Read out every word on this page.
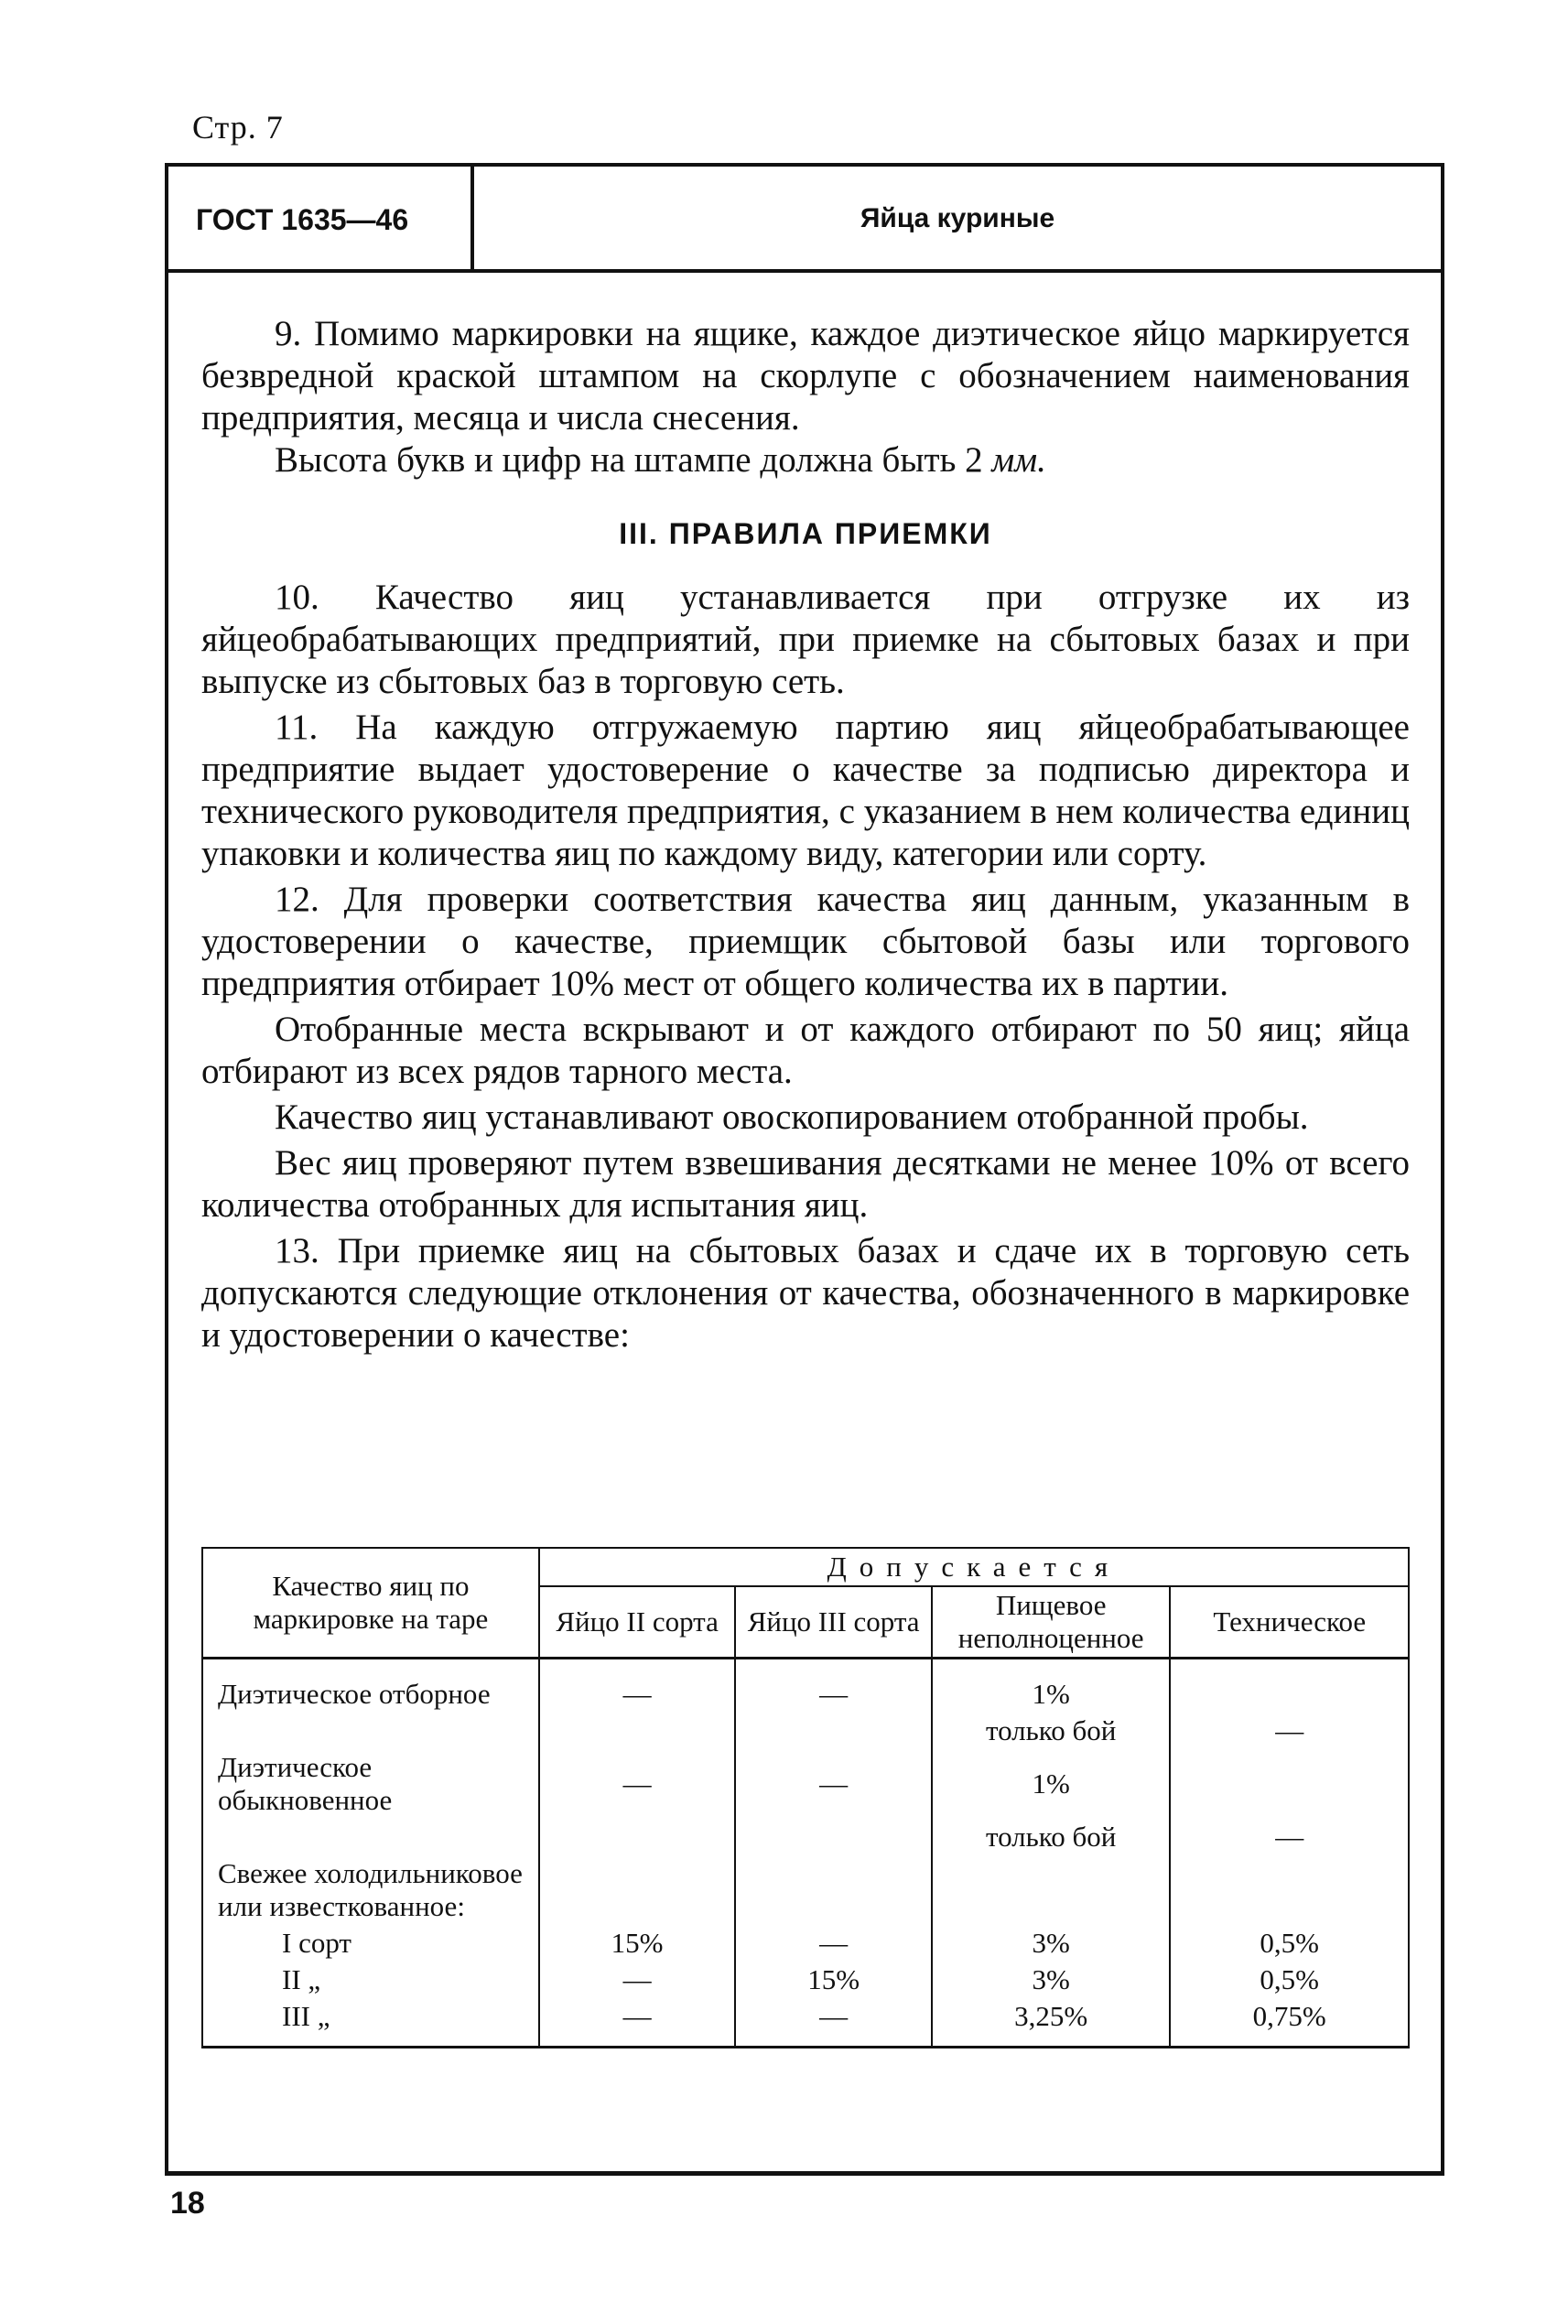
Стр. 7
ГОСТ 1635—46	Яйца куриные

9. Помимо маркировки на ящике, каждое диэтическое яйцо маркируется безвредной краской штампом на скорлупе с обозначением наименования предприятия, месяца и числа снесения.

Высота букв и цифр на штампе должна быть 2 мм.

III. ПРАВИЛА ПРИЕМКИ

10. Качество яиц устанавливается при отгрузке их из яйцеобрабатывающих предприятий, при приемке на сбытовых базах и при выпуске из сбытовых баз в торговую сеть.

11. На каждую отгружаемую партию яиц яйцеобрабатывающее предприятие выдает удостоверение о качестве за подписью директора и технического руководителя предприятия, с указанием в нем количества единиц упаковки и количества яиц по каждому виду, категории или сорту.

12. Для проверки соответствия качества яиц данным, указанным в удостоверении о качестве, приемщик сбытовой базы или торгового предприятия отбирает 10% мест от общего количества их в партии.

Отобранные места вскрывают и от каждого отбирают по 50 яиц; яйца отбирают из всех рядов тарного места.

Качество яиц устанавливают овоскопированием отобранной пробы.

Вес яиц проверяют путем взвешивания десятками не менее 10% от всего количества отобранных для испытания яиц.

13. При приемке яиц на сбытовых базах и сдаче их в торговую сеть допускаются следующие отклонения от качества, обозначенного в маркировке и удостоверении о качестве:

Качество яиц по маркировке на таре	Допускается			
	Яйцо II сорта	Яйцо III сорта	Пищевое неполноценное	Техническое
Диэтическое отборное	—	—	1%	
			только бой	—
Диэтическое обыкновенное	—	—	1%	
			только бой	—
Свежее холодильниковое или известкованное:				
I сорт	15%	—	3%	0,5%
II „	—	15%	3%	0,5%
III „	—	—	3,25%	0,75%
18
